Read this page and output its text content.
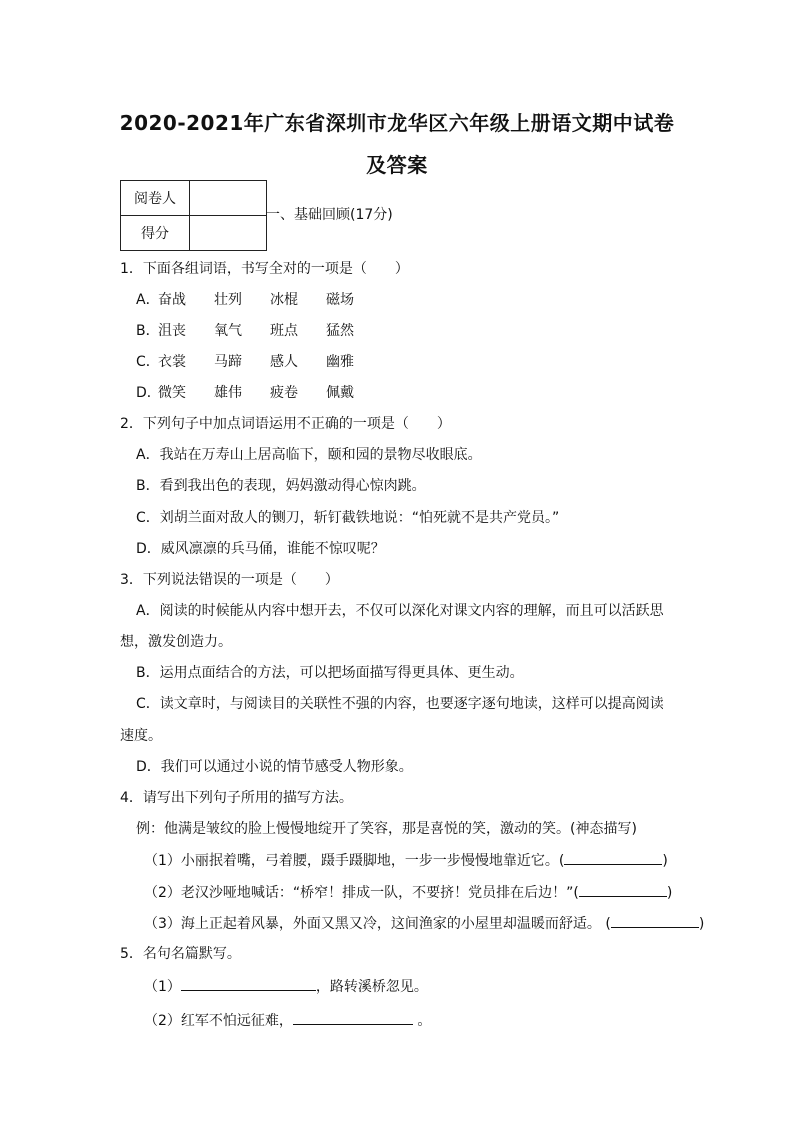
2020-2021年广东省深圳市龙华区六年级上册语文期中试卷
及答案
阅卷人	
得分	
一、基础回顾(17分)
1．下面各组词语，书写全对的一项是（　　）
A．
奋战	壮列	冰棍	磁场
B．
沮丧	氧气	班点	猛然
C．
衣裳	马蹄	感人	幽雅
D．
微笑	雄伟	疲卷	佩戴
2．下列句子中加点词语运用不正确的一项是（　　）
A．我站在万寿山上居高临下，颐和园的景物尽收眼底。
B．看到我出色的表现，妈妈激动得心惊肉跳。
C．刘胡兰面对敌人的铡刀，斩钉截铁地说：“怕死就不是共产党员。”
D．威风凛凛的兵马俑，谁能不惊叹呢？
3．下列说法错误的一项是（　　）
A．阅读的时候能从内容中想开去，不仅可以深化对课文内容的理解，而且可以活跃思
想，激发创造力。
B．运用点面结合的方法，可以把场面描写得更具体、更生动。
C．读文章时，与阅读目的关联性不强的内容，也要逐字逐句地读，这样可以提高阅读
速度。
D．我们可以通过小说的情节感受人物形象。
4．请写出下列句子所用的描写方法。
例：他满是皱纹的脸上慢慢地绽开了笑容，那是喜悦的笑，激动的笑。(神态描写)
（1）小丽抿着嘴，弓着腰，蹑手蹑脚地，一步一步慢慢地靠近它。(	)
（2）老汉沙哑地喊话：“桥窄！排成一队，不要挤！党员排在后边！”(	)
（3）海上正起着风暴，外面又黑又冷，这间渔家的小屋里却温暖而舒适。 (	)
5．名句名篇默写。
（1）	，路转溪桥忽见。
（2）红军不怕远征难，	。
